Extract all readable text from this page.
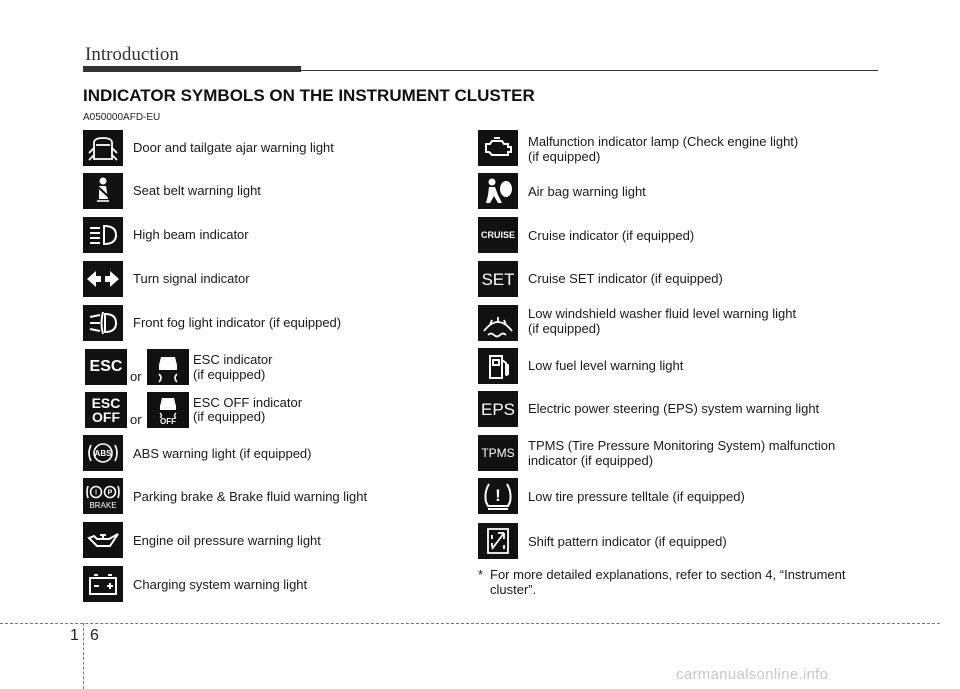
Introduction
INDICATOR SYMBOLS ON THE INSTRUMENT CLUSTER
A050000AFD-EU
Door and tailgate ajar warning light
Seat belt warning light
High beam indicator
Turn signal indicator
Front fog light indicator (if equipped)
ESC
or
ESC indicator
(if equipped)
ESC
OFF or OFF
ESC OFF indicator
(if equipped)
ABS ABS warning light (if equipped)
! P
BRAKE
Parking brake & Brake fluid warning light
Engine oil pressure warning light
Charging system warning light
Malfunction indicator lamp (Check engine light)
(if equipped)
Air bag warning light
CRUISE Cruise indicator (if equipped)
SET Cruise SET indicator (if equipped)
Low windshield washer fluid level warning light
(if equipped)
Low fuel level warning light
EPS Electric power steering (EPS) system warning light
TPMS TPMS (Tire Pressure Monitoring System) malfunction
indicator (if equipped)
! Low tire pressure telltale (if equipped)
Shift pattern indicator (if equipped)
* For more detailed explanations, refer to section 4, “Instrument cluster”.
1 6
carmanualsonline.info
